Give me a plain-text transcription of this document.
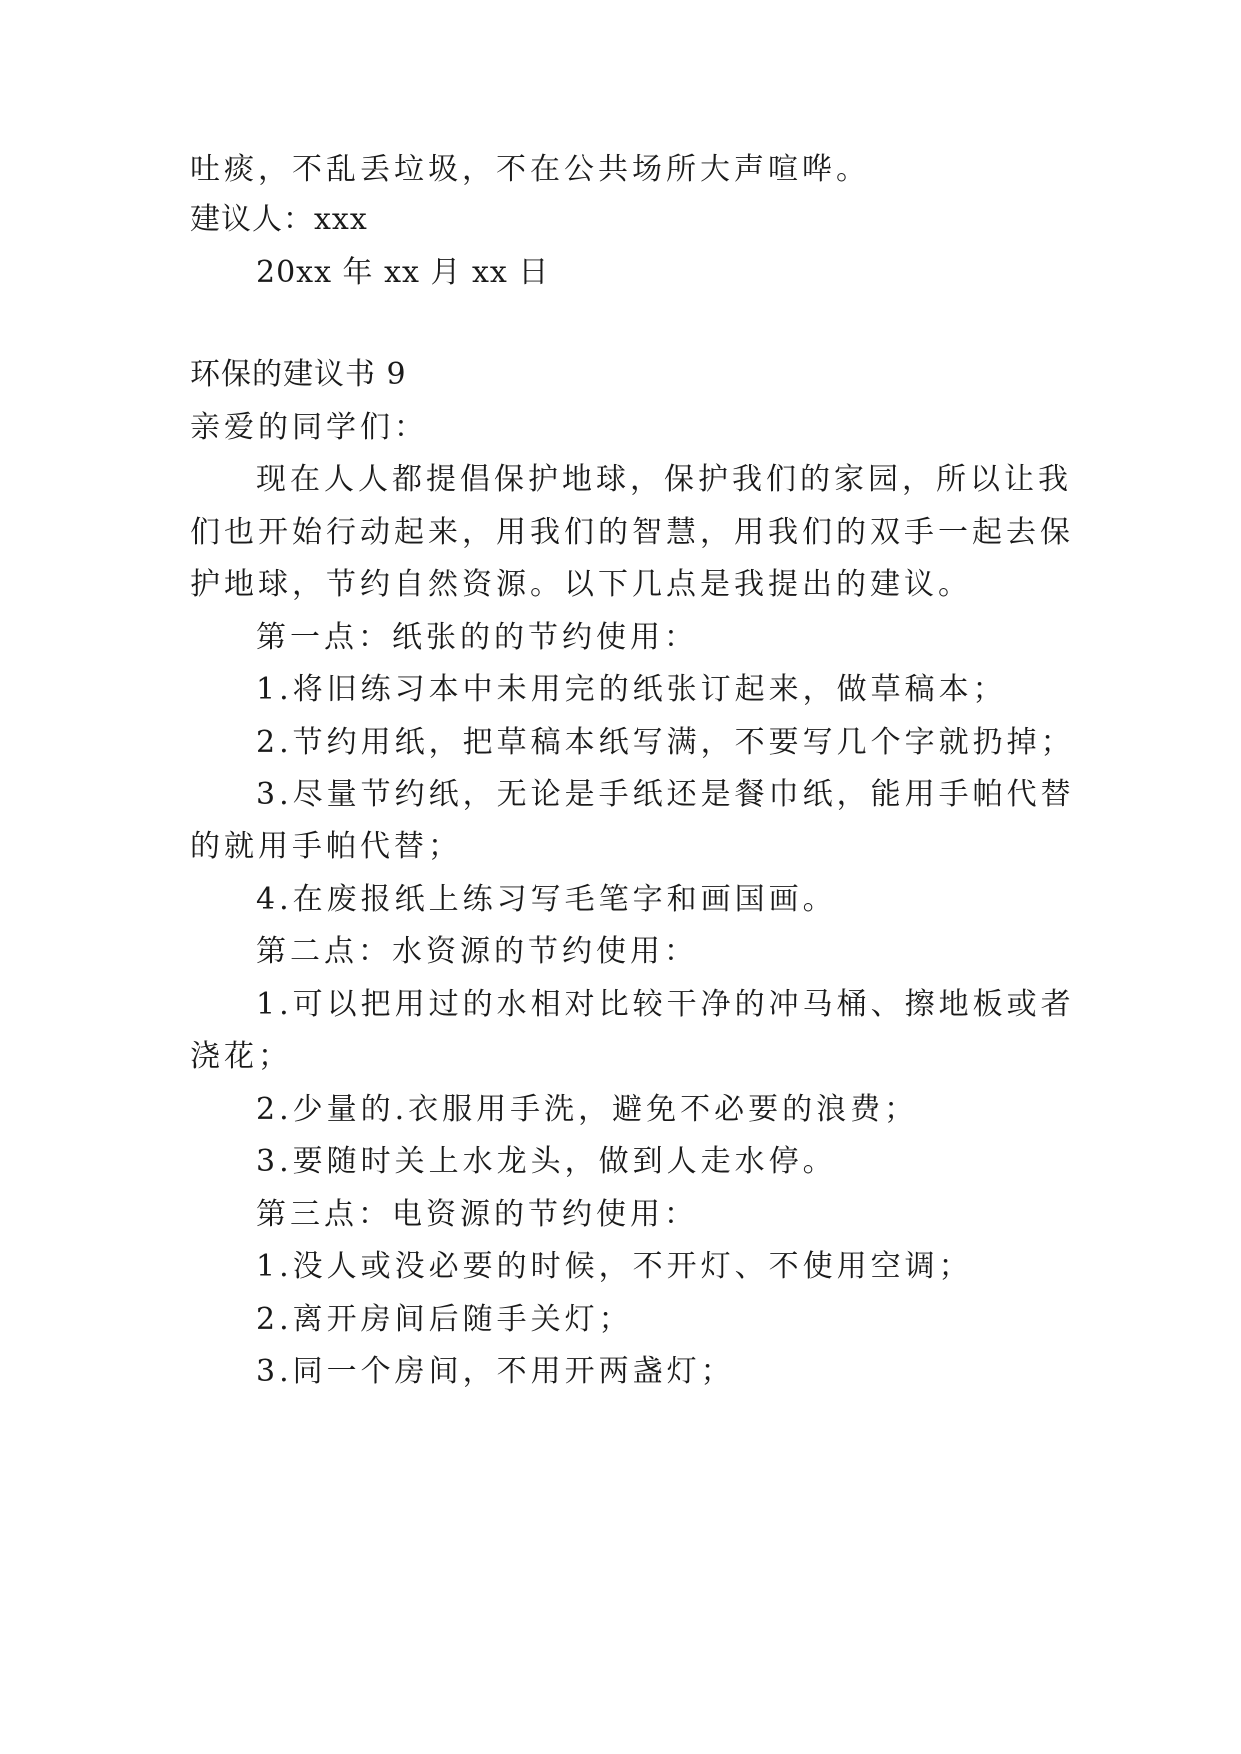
吐痰，不乱丢垃圾，不在公共场所大声喧哗。
建议人：xxx
20xx 年 xx 月 xx 日
环保的建议书 9
亲爱的同学们：
现在人人都提倡保护地球，保护我们的家园，所以让我
们也开始行动起来，用我们的智慧，用我们的双手一起去保
护地球，节约自然资源。以下几点是我提出的建议。
第一点：纸张的的节约使用：
1.将旧练习本中未用完的纸张订起来，做草稿本；
2.节约用纸，把草稿本纸写满，不要写几个字就扔掉；
3.尽量节约纸，无论是手纸还是餐巾纸，能用手帕代替
的就用手帕代替；
4.在废报纸上练习写毛笔字和画国画。
第二点：水资源的节约使用：
1.可以把用过的水相对比较干净的冲马桶、擦地板或者
浇花；
2.少量的.衣服用手洗，避免不必要的浪费；
3.要随时关上水龙头，做到人走水停。
第三点：电资源的节约使用：
1.没人或没必要的时候，不开灯、不使用空调；
2.离开房间后随手关灯；
3.同一个房间，不用开两盏灯；
